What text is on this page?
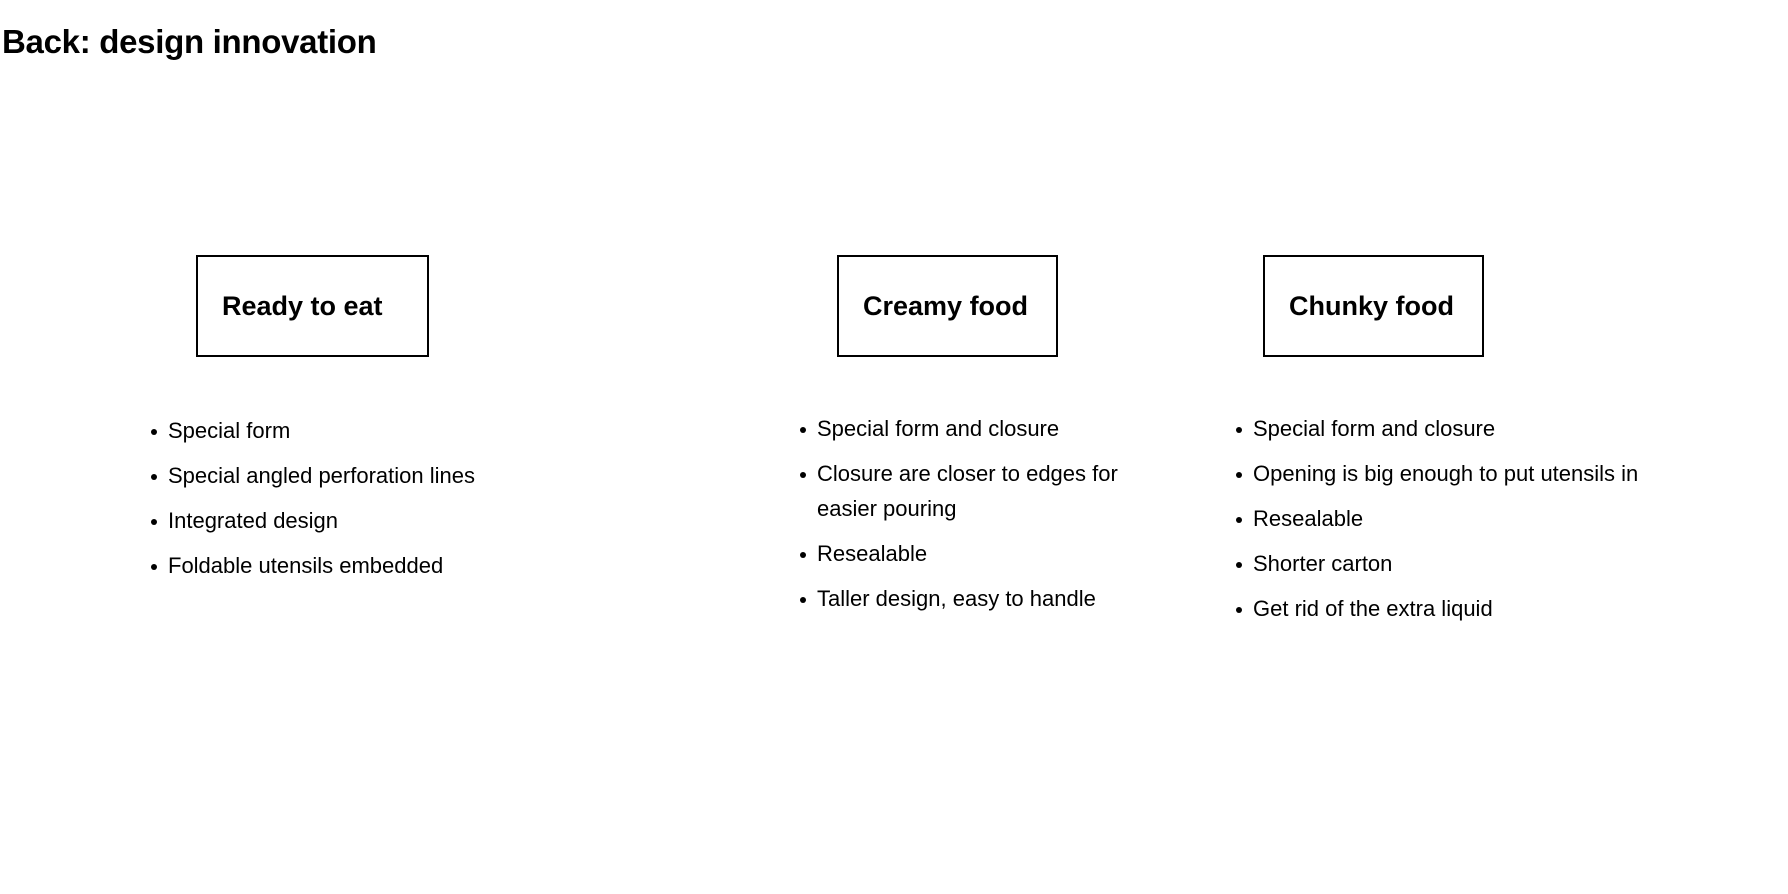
Back: design innovation
Ready to eat
Special form
Special angled perforation lines
Integrated design
Foldable utensils embedded
Creamy food
Special form and closure
Closure are closer to edges for easier pouring
Resealable
Taller design, easy to handle
Chunky food
Special form and closure
Opening is big enough to put utensils in
Resealable
Shorter carton
Get rid of the extra liquid
